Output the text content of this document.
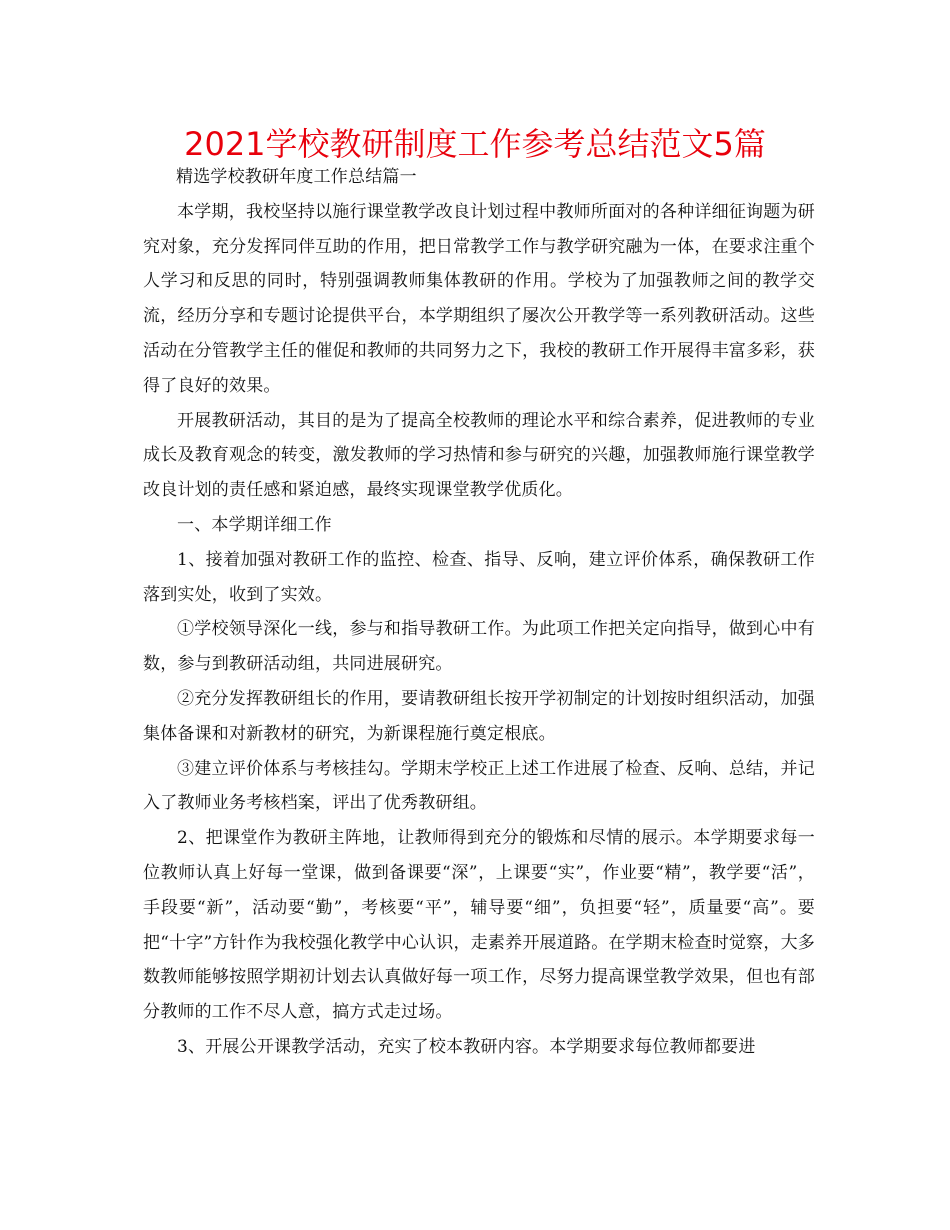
2021学校教研制度工作参考总结范文5篇

精选学校教研年度工作总结篇一

本学期，我校坚持以施行课堂教学改良计划过程中教师所面对的各种详细征询题为研究对象，充分发挥同伴互助的作用，把日常教学工作与教学研究融为一体，在要求注重个人学习和反思的同时，特别强调教师集体教研的作用。学校为了加强教师之间的教学交流，经历分享和专题讨论提供平台，本学期组织了屡次公开教学等一系列教研活动。这些活动在分管教学主任的催促和教师的共同努力之下，我校的教研工作开展得丰富多彩，获得了良好的效果。

开展教研活动，其目的是为了提高全校教师的理论水平和综合素养，促进教师的专业成长及教育观念的转变，激发教师的学习热情和参与研究的兴趣，加强教师施行课堂教学改良计划的责任感和紧迫感，最终实现课堂教学优质化。

一、本学期详细工作

1、接着加强对教研工作的监控、检查、指导、反响，建立评价体系，确保教研工作落到实处，收到了实效。

①学校领导深化一线，参与和指导教研工作。为此项工作把关定向指导，做到心中有数，参与到教研活动组，共同进展研究。

②充分发挥教研组长的作用，要请教研组长按开学初制定的计划按时组织活动，加强集体备课和对新教材的研究，为新课程施行奠定根底。

③建立评价体系与考核挂勾。学期末学校正上述工作进展了检查、反响、总结，并记入了教师业务考核档案，评出了优秀教研组。

2、把课堂作为教研主阵地，让教师得到充分的锻炼和尽情的展示。本学期要求每一位教师认真上好每一堂课，做到备课要“深”，上课要“实”，作业要“精”，教学要“活”，手段要“新”，活动要“勤”，考核要“平”，辅导要“细”，负担要“轻”，质量要“高”。要把“十字”方针作为我校强化教学中心认识，走素养开展道路。在学期末检查时觉察，大多数教师能够按照学期初计划去认真做好每一项工作，尽努力提高课堂教学效果，但也有部分教师的工作不尽人意，搞方式走过场。

3、开展公开课教学活动，充实了校本教研内容。本学期要求每位教师都要进
